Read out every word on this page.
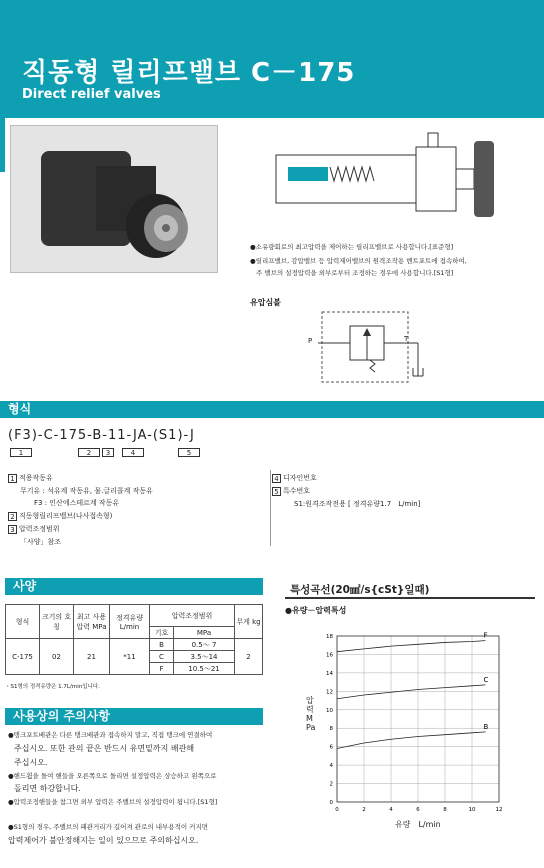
직동형 릴리프밸브 C－175
Direct relief valves
●소유량회로의 최고압력을 제어하는 릴리프밸브로 사용합니다.[표준형]
●릴리프밸브, 감압밸브 등 압력제어밸브의 원격조작용 벤트포트에 접속하여,
주 밸브의 설정압력을 외부로부터 조정하는 경우에 사용합니다.[S1형]
유압심볼
P	T
형식
(F3)-C-175-B-11-JA-(S1)-J
1	2	3	4	5
1 적용작동유
무기유 : 석유계 작동유, 물.글리콜계 작동유
F3 : 인산에스테르계 작동유
2 직동형릴리프밸브(나사접속형)
3 압력조정범위
「사양」참조
4 디자인번호
5 특수번호
S1:원격조작전용 [ 정격유량1.7　L/min]
사양
형식	크기의 호칭	최고 사용압력 MPa	정격유량 L/min	압력조정범위		무게 kg
				기호	MPa	
C-175	02	21	*11	B	0.5～ 7	2
				C	3.5～14	
				F	10.5～21	
・S1형의 정격유량은 1.7L/min입니다.
사용상의 주의사항
●탱크포트배관은 다른 탱크배관과 접속하지 말고, 직접 탱크에 연결하여
주십시오. 또한 관의 끝은 반드시 유면밑까지 배관해
주십시오.
●핸드휠을 돌여 핸들을 오른쪽으로 돌리면 설정압력은 상승하고 왼쪽으로
돌리면 하강합니다.
●압력조정핸들을 참그면 외부 압력은 주밸브의 설정압력이 됩니다.[S1형]
●S1형의 경우, 주밸브의 패관거리가 길어져 관로의 내부용적이 커지면
압력제어가 불안정해지는 일이 있으므로 주의하십시오.
특성곡선(20㎟/s{cSt}일때)
●유량－압력특성
0
2
4
6
8
10
12
14
16
18
0	2	4	6	8	10	12
F
C
B
압력 MPa
유량　L/min
